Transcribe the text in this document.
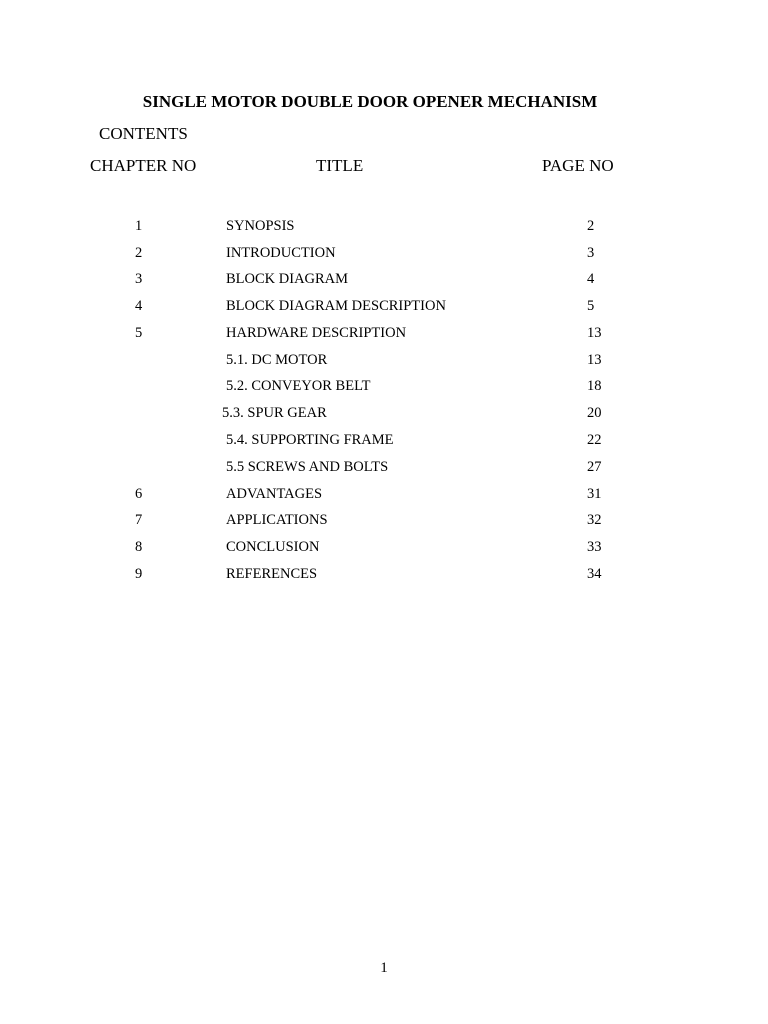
SINGLE MOTOR DOUBLE DOOR OPENER MECHANISM
CONTENTS
CHAPTER NO	TITLE	PAGE NO
1	SYNOPSIS	2
2	INTRODUCTION	3
3	BLOCK DIAGRAM	4
4	BLOCK DIAGRAM DESCRIPTION	5
5	HARDWARE DESCRIPTION	13
5.1. DC MOTOR	13
5.2. CONVEYOR BELT	18
5.3. SPUR GEAR	20
5.4. SUPPORTING FRAME	22
5.5 SCREWS AND BOLTS	27
6	ADVANTAGES	31
7	APPLICATIONS	32
8	CONCLUSION	33
9	REFERENCES	34
1
